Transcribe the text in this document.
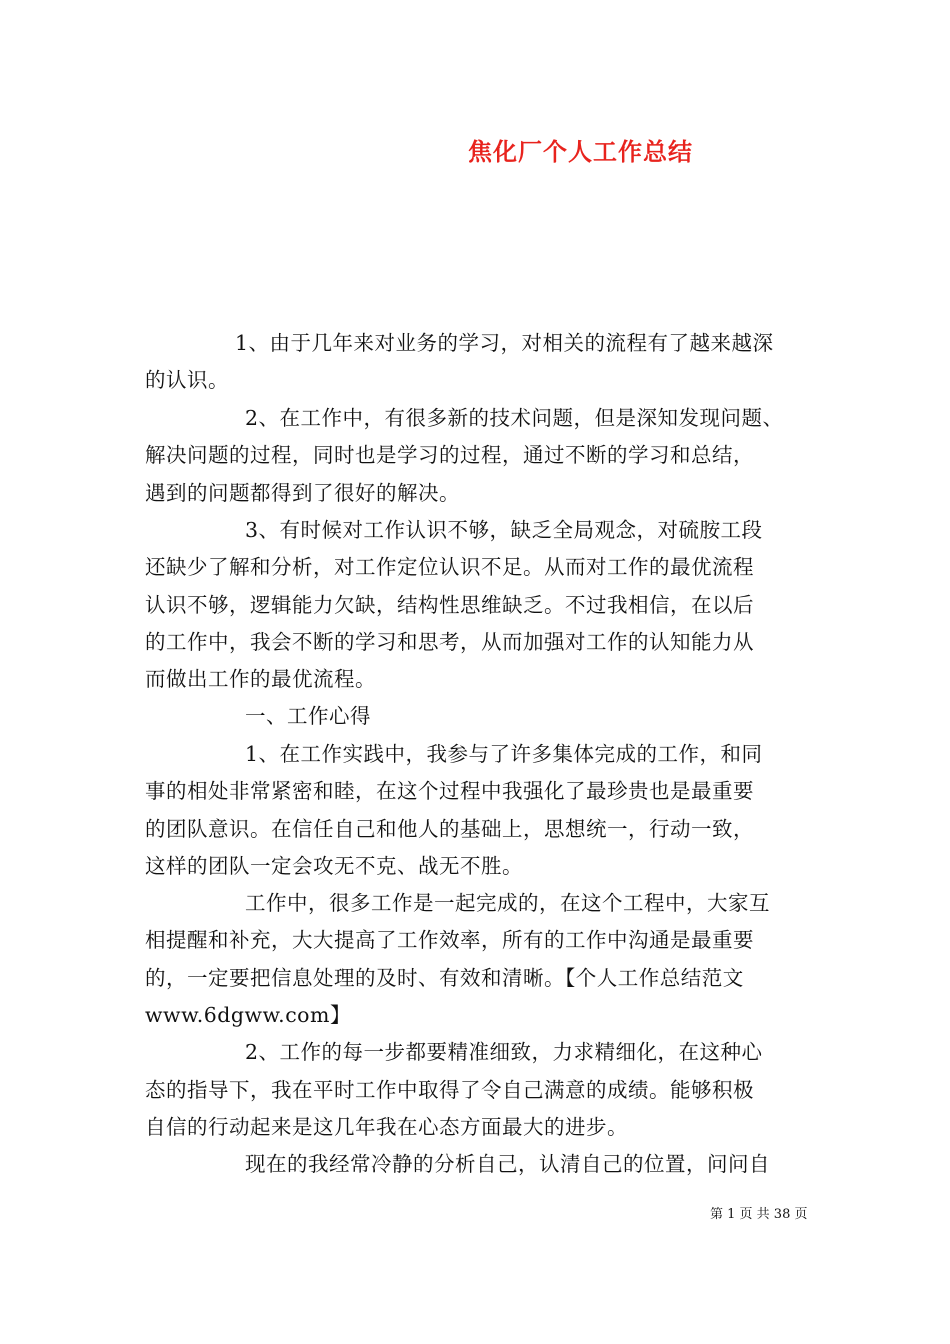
焦化厂个人工作总结
1、由于几年来对业务的学习，对相关的流程有了越来越深
的认识。
2、在工作中，有很多新的技术问题，但是深知发现问题、
解决问题的过程，同时也是学习的过程，通过不断的学习和总结，
遇到的问题都得到了很好的解决。
3、有时候对工作认识不够，缺乏全局观念，对硫胺工段
还缺少了解和分析，对工作定位认识不足。从而对工作的最优流程
认识不够，逻辑能力欠缺，结构性思维缺乏。不过我相信，在以后
的工作中，我会不断的学习和思考，从而加强对工作的认知能力从
而做出工作的最优流程。
一、工作心得
1、在工作实践中，我参与了许多集体完成的工作，和同
事的相处非常紧密和睦，在这个过程中我强化了最珍贵也是最重要
的团队意识。在信任自己和他人的基础上，思想统一，行动一致，
这样的团队一定会攻无不克、战无不胜。
工作中，很多工作是一起完成的，在这个工程中，大家互
相提醒和补充，大大提高了工作效率，所有的工作中沟通是最重要
的，一定要把信息处理的及时、有效和清晰。【个人工作总结范文
www.6dgww.com】
2、工作的每一步都要精准细致，力求精细化，在这种心
态的指导下，我在平时工作中取得了令自己满意的成绩。能够积极
自信的行动起来是这几年我在心态方面最大的进步。
现在的我经常冷静的分析自己，认清自己的位置，问问自
第 1 页 共 38 页
